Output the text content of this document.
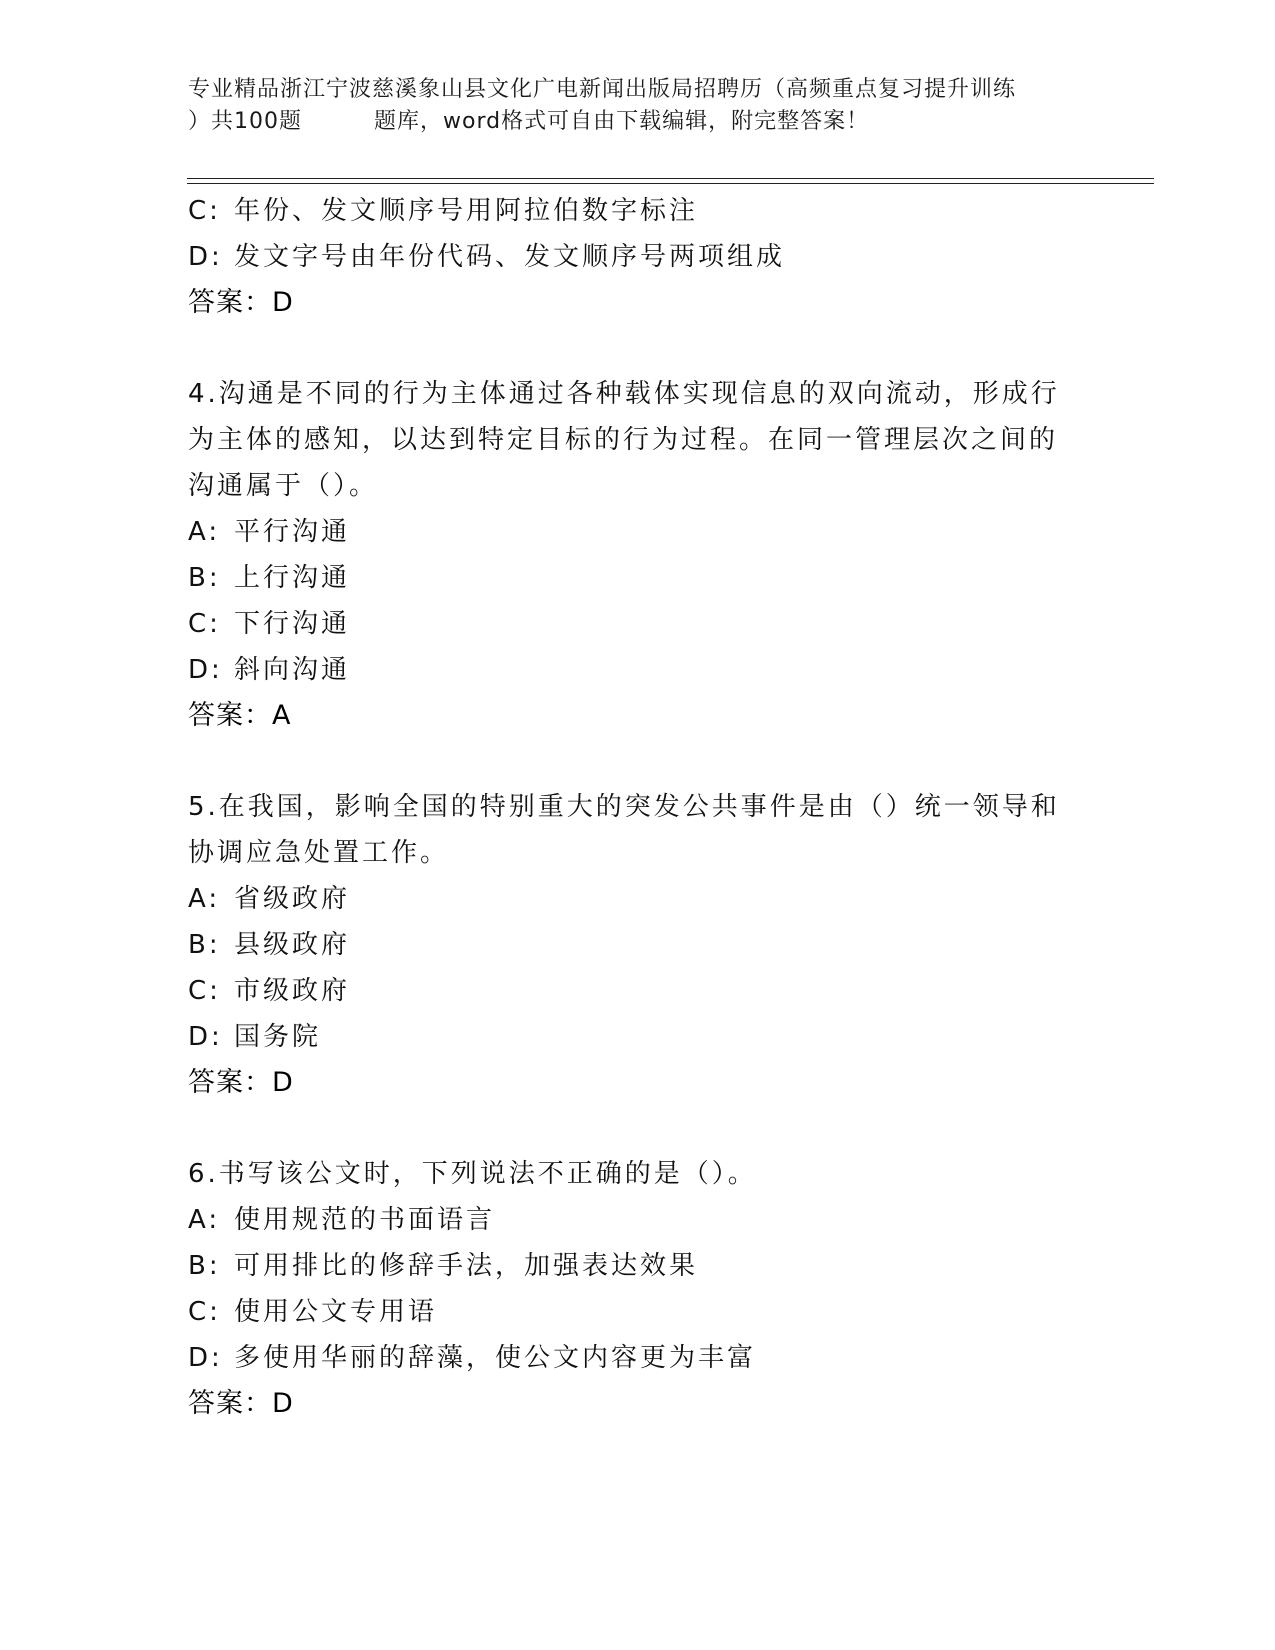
专业精品浙江宁波慈溪象山县文化广电新闻出版局招聘历（高频重点复习提升训练
）共100题	题库，word格式可自由下载编辑，附完整答案！
C: 年份、发文顺序号用阿拉伯数字标注
D: 发文字号由年份代码、发文顺序号两项组成
答案：D
4.沟通是不同的行为主体通过各种载体实现信息的双向流动，形成行
为主体的感知，以达到特定目标的行为过程。在同一管理层次之间的
沟通属于（）。
A: 平行沟通
B: 上行沟通
C: 下行沟通
D: 斜向沟通
答案：A
5.在我国，影响全国的特别重大的突发公共事件是由（）统一领导和
协调应急处置工作。
A: 省级政府
B: 县级政府
C: 市级政府
D: 国务院
答案：D
6.书写该公文时，下列说法不正确的是（）。
A: 使用规范的书面语言
B: 可用排比的修辞手法，加强表达效果
C: 使用公文专用语
D: 多使用华丽的辞藻，使公文内容更为丰富
答案：D
